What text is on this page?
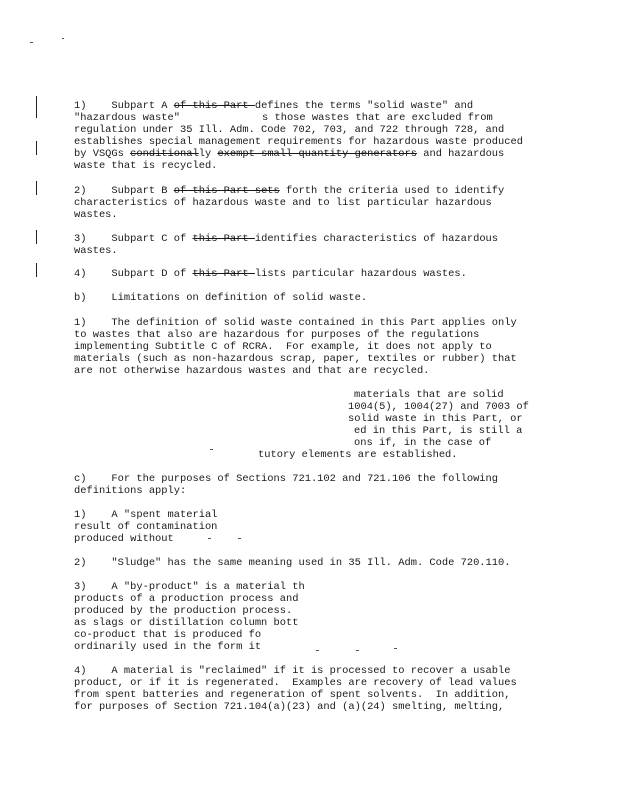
1)    Subpart A of this Part defines the terms "solid waste" and
"hazardous waste"	s those wastes that are excluded from
regulation under 35 Ill. Adm. Code 702, 703, and 722 through 728, and
establishes special management requirements for hazardous waste produced
by VSQGs conditionally exempt small quantity generators and hazardous
waste that is recycled.
2)    Subpart B of this Part sets forth the criteria used to identify
characteristics of hazardous waste and to list particular hazardous
wastes.
3)    Subpart C of this Part identifies characteristics of hazardous
wastes.
4)    Subpart D of this Part lists particular hazardous wastes.
b)    Limitations on definition of solid waste.
1)    The definition of solid waste contained in this Part applies only
to wastes that also are hazardous for purposes of the regulations
implementing Subtitle C of RCRA.  For example, it does not apply to
materials (such as non-hazardous scrap, paper, textiles or rubber) that
are not otherwise hazardous wastes and that are recycled.
materials that are solid
1004(5), 1004(27) and 7003 of
solid waste in this Part, or
ed in this Part, is still a
ons if, in the case of
tutory elements are established.
c)    For the purposes of Sections 721.102 and 721.106 the following
definitions apply:
1)    A "spent material
result of contamination
produced without
2)    "Sludge" has the same meaning used in 35 Ill. Adm. Code 720.110.
3)    A "by-product" is a material th
products of a production process and
produced by the production process.
as slags or distillation column bott
co-product that is produced fo
ordinarily used in the form it
4)    A material is "reclaimed" if it is processed to recover a usable
product, or if it is regenerated.  Examples are recovery of lead values
from spent batteries and regeneration of spent solvents.  In addition,
for purposes of Section 721.104(a)(23) and (a)(24) smelting, melting,
